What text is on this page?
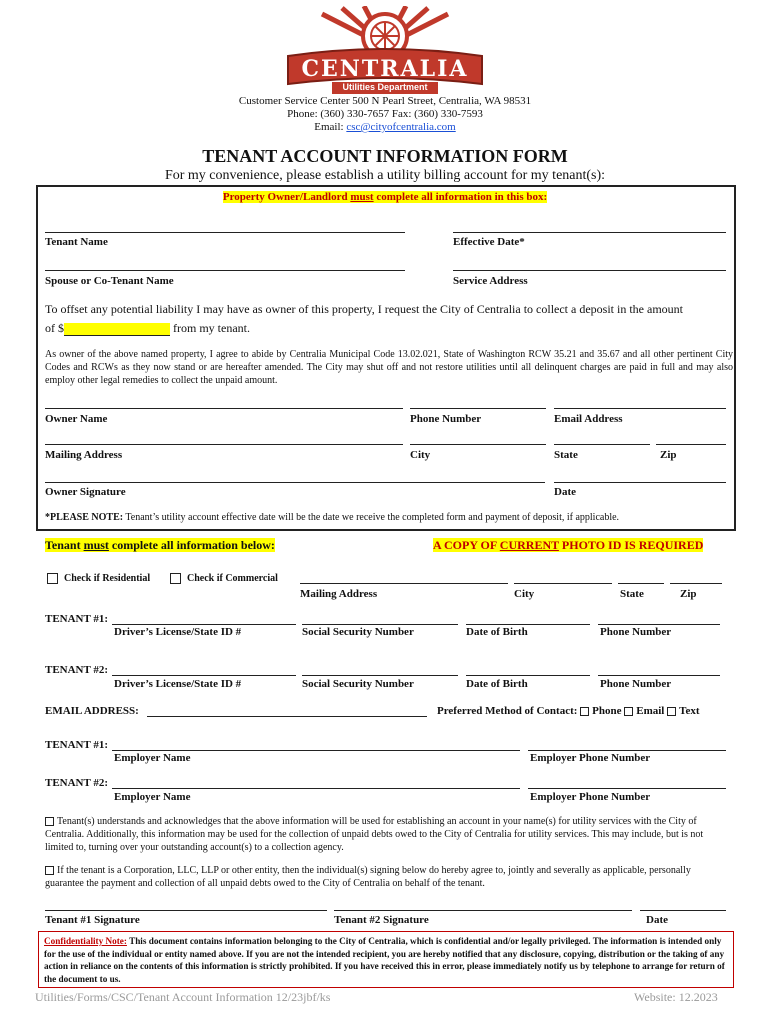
CENTRALIA
Utilities Department
Customer Service Center 500 N Pearl Street, Centralia, WA 98531
Phone: (360) 330-7657 Fax: (360) 330-7593
Email: csc@cityofcentralia.com
TENANT ACCOUNT INFORMATION FORM
For my convenience, please establish a utility billing account for my tenant(s):
Property Owner/Landlord must complete all information in this box:
Tenant Name	Effective Date*
Spouse or Co-Tenant Name	Service Address
To offset any potential liability I may have as owner of this property, I request the City of Centralia to collect a deposit in the amount
of $	from my tenant.
As owner of the above named property, I agree to abide by Centralia Municipal Code 13.02.021, State of Washington RCW 35.21 and 35.67 and all other pertinent City Codes and RCWs as they now stand or are hereafter amended. The City may shut off and not restore utilities until all delinquent charges are paid in full and may also employ other legal remedies to collect the unpaid amount.
Owner Name	Phone Number	Email Address
Mailing Address	City	State	Zip
Owner Signature	Date
*PLEASE NOTE: Tenant’s utility account effective date will be the date we receive the completed form and payment of deposit, if applicable.
Tenant must complete all information below:	A COPY OF CURRENT PHOTO ID IS REQUIRED
Check if Residential	Check if Commercial
Mailing Address	City	State	Zip
TENANT #1:
Driver’s License/State ID #	Social Security Number	Date of Birth	Phone Number
TENANT #2:
Driver’s License/State ID #	Social Security Number	Date of Birth	Phone Number
EMAIL ADDRESS:	Preferred Method of Contact: Phone Email Text
TENANT #1:
Employer Name	Employer Phone Number
TENANT #2:
Employer Name	Employer Phone Number
Tenant(s) understands and acknowledges that the above information will be used for establishing an account in your name(s) for utility services with the City of Centralia. Additionally, this information may be used for the collection of unpaid debts owed to the City of Centralia for utility services. This may include, but is not limited to, turning over your outstanding account(s) to a collection agency.
If the tenant is a Corporation, LLC, LLP or other entity, then the individual(s) signing below do hereby agree to, jointly and severally as applicable, personally guarantee the payment and collection of all unpaid debts owed to the City of Centralia on behalf of the tenant.
Tenant #1 Signature	Tenant #2 Signature	Date
Confidentiality Note: This document contains information belonging to the City of Centralia, which is confidential and/or legally privileged. The information is intended only for the use of the individual or entity named above. If you are not the intended recipient, you are hereby notified that any disclosure, copying, distribution or the taking of any action in reliance on the contents of this information is strictly prohibited. If you have received this in error, please immediately notify us by telephone to arrange for return of the document to us.
Utilities/Forms/CSC/Tenant Account Information 12/23jbf/ks	Website: 12.2023
